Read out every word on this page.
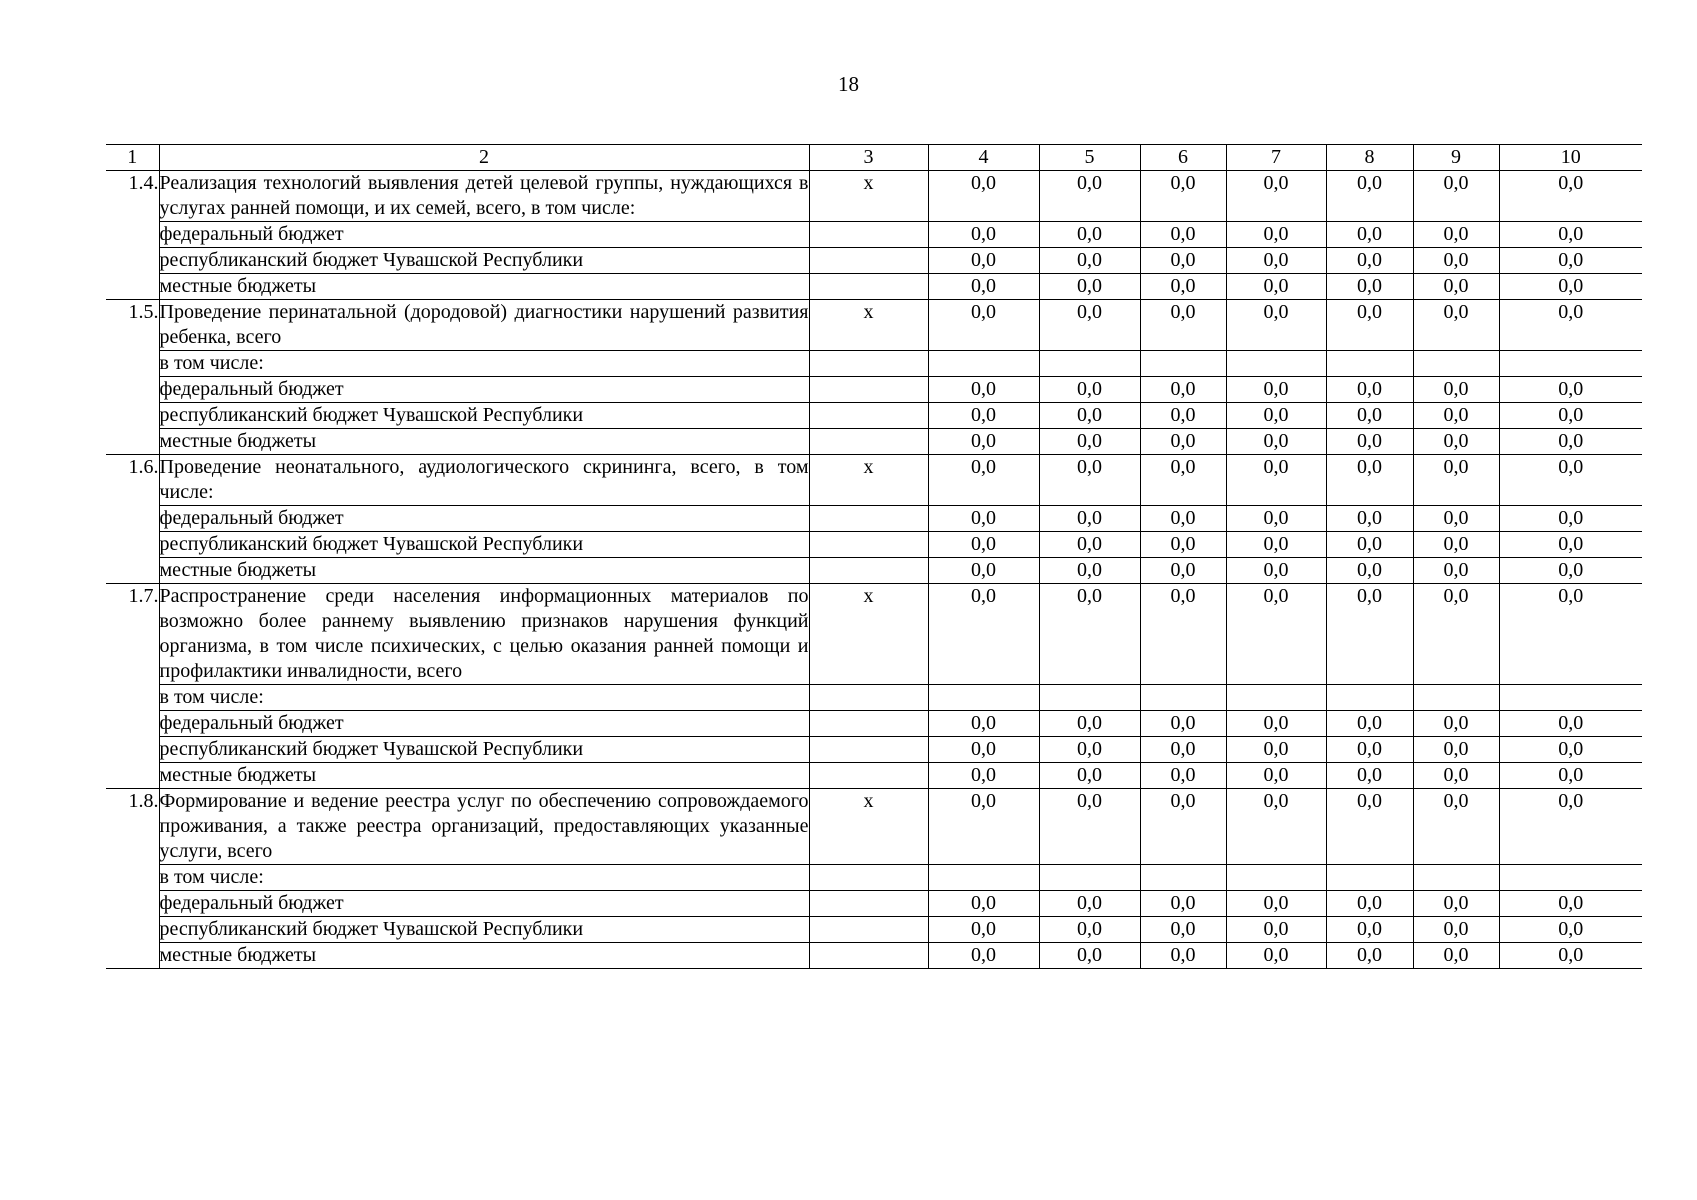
18
1	2	3	4	5	6	7	8	9	10
1.4.	Реализация технологий выявления детей целевой группы, нуждающихся в услугах ранней помощи, и их семей, всего, в том числе:	x	0,0	0,0	0,0	0,0	0,0	0,0	0,0
	федеральный бюджет		0,0	0,0	0,0	0,0	0,0	0,0	0,0
	республиканский бюджет Чувашской Республики		0,0	0,0	0,0	0,0	0,0	0,0	0,0
	местные бюджеты		0,0	0,0	0,0	0,0	0,0	0,0	0,0
1.5.	Проведение перинатальной (дородовой) диагностики нарушений развития ребенка, всего	x	0,0	0,0	0,0	0,0	0,0	0,0	0,0
	в том числе:								
	федеральный бюджет		0,0	0,0	0,0	0,0	0,0	0,0	0,0
	республиканский бюджет Чувашской Республики		0,0	0,0	0,0	0,0	0,0	0,0	0,0
	местные бюджеты		0,0	0,0	0,0	0,0	0,0	0,0	0,0
1.6.	Проведение неонатального, аудиологического скрининга, всего, в том числе:	x	0,0	0,0	0,0	0,0	0,0	0,0	0,0
	федеральный бюджет		0,0	0,0	0,0	0,0	0,0	0,0	0,0
	республиканский бюджет Чувашской Республики		0,0	0,0	0,0	0,0	0,0	0,0	0,0
	местные бюджеты		0,0	0,0	0,0	0,0	0,0	0,0	0,0
1.7.	Распространение среди населения информационных материалов по возможно более раннему выявлению признаков нарушения функций организма, в том числе психических, с целью оказания ранней помощи и профилактики инвалидности, всего	x	0,0	0,0	0,0	0,0	0,0	0,0	0,0
	в том числе:								
	федеральный бюджет		0,0	0,0	0,0	0,0	0,0	0,0	0,0
	республиканский бюджет Чувашской Республики		0,0	0,0	0,0	0,0	0,0	0,0	0,0
	местные бюджеты		0,0	0,0	0,0	0,0	0,0	0,0	0,0
1.8.	Формирование и ведение реестра услуг по обеспечению сопровождаемого проживания, а также реестра организаций, предоставляющих указанные услуги, всего	x	0,0	0,0	0,0	0,0	0,0	0,0	0,0
	в том числе:								
	федеральный бюджет		0,0	0,0	0,0	0,0	0,0	0,0	0,0
	республиканский бюджет Чувашской Республики		0,0	0,0	0,0	0,0	0,0	0,0	0,0
	местные бюджеты		0,0	0,0	0,0	0,0	0,0	0,0	0,0
